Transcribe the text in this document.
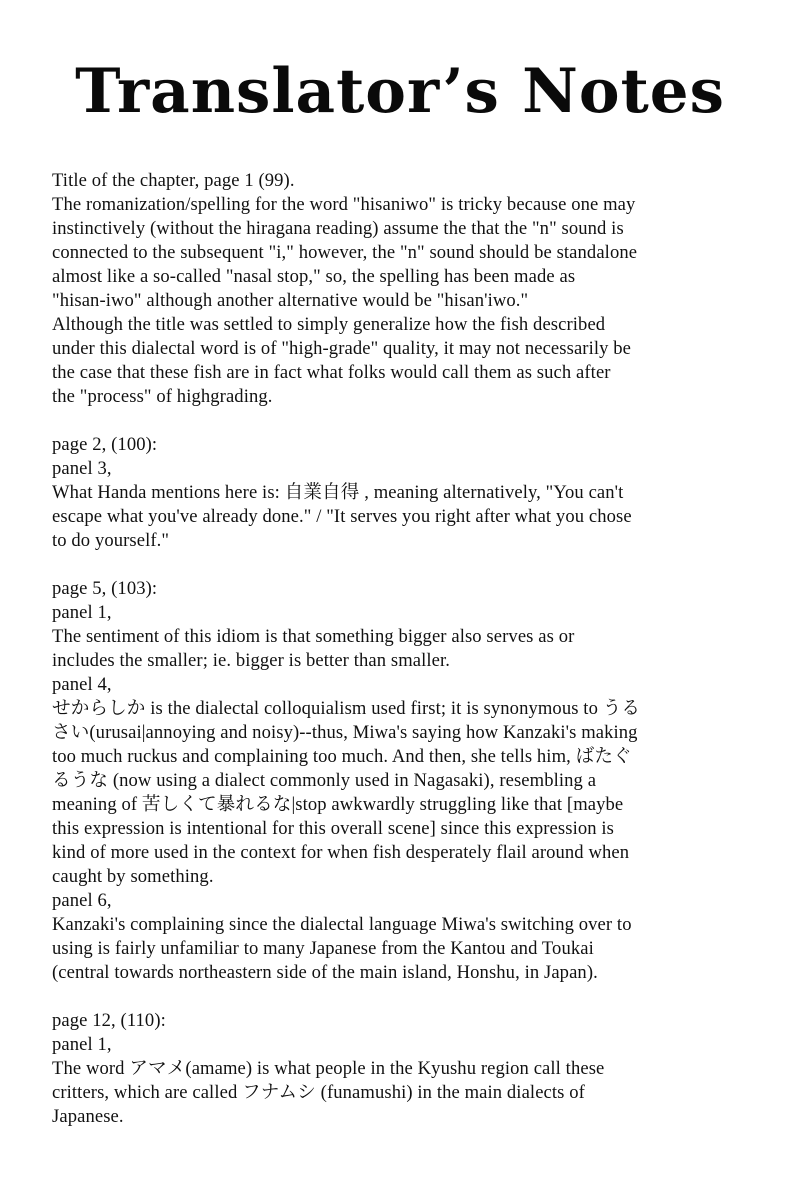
Translator’s Notes
Title of the chapter, page 1 (99).
The romanization/spelling for the word "hisaniwo" is tricky because one may
instinctively (without the hiragana reading) assume the that the "n" sound is
connected to the subsequent "i," however, the "n" sound should be standalone
almost like a so-called "nasal stop," so, the spelling has been made as
"hisan-iwo" although another alternative would be "hisan'iwo."
Although the title was settled to simply generalize how the fish described
under this dialectal word is of "high-grade" quality, it may not necessarily be
the case that these fish are in fact what folks would call them as such after
the "process" of highgrading.
page 2, (100):
panel 3,
What Handa mentions here is: 自業自得 , meaning alternatively, "You can't
escape what you've already done." / "It serves you right after what you chose
to do yourself."
page 5, (103):
panel 1,
The sentiment of this idiom is that something bigger also serves as or
includes the smaller; ie. bigger is better than smaller.
panel 4,
せからしか is the dialectal colloquialism used first; it is synonymous to うる
さい(urusai|annoying and noisy)--thus, Miwa's saying how Kanzaki's making
too much ruckus and complaining too much. And then, she tells him, ばたぐ
るうな (now using a dialect commonly used in Nagasaki), resembling a
meaning of 苦しくて暴れるな|stop awkwardly struggling like that [maybe
this expression is intentional for this overall scene] since this expression is
kind of more used in the context for when fish desperately flail around when
caught by something.
panel 6,
Kanzaki's complaining since the dialectal language Miwa's switching over to
using is fairly unfamiliar to many Japanese from the Kantou and Toukai
(central towards northeastern side of the main island, Honshu, in Japan).
page 12, (110):
panel 1,
The word アマメ(amame) is what people in the Kyushu region call these
critters, which are called フナムシ (funamushi) in the main dialects of
Japanese.
